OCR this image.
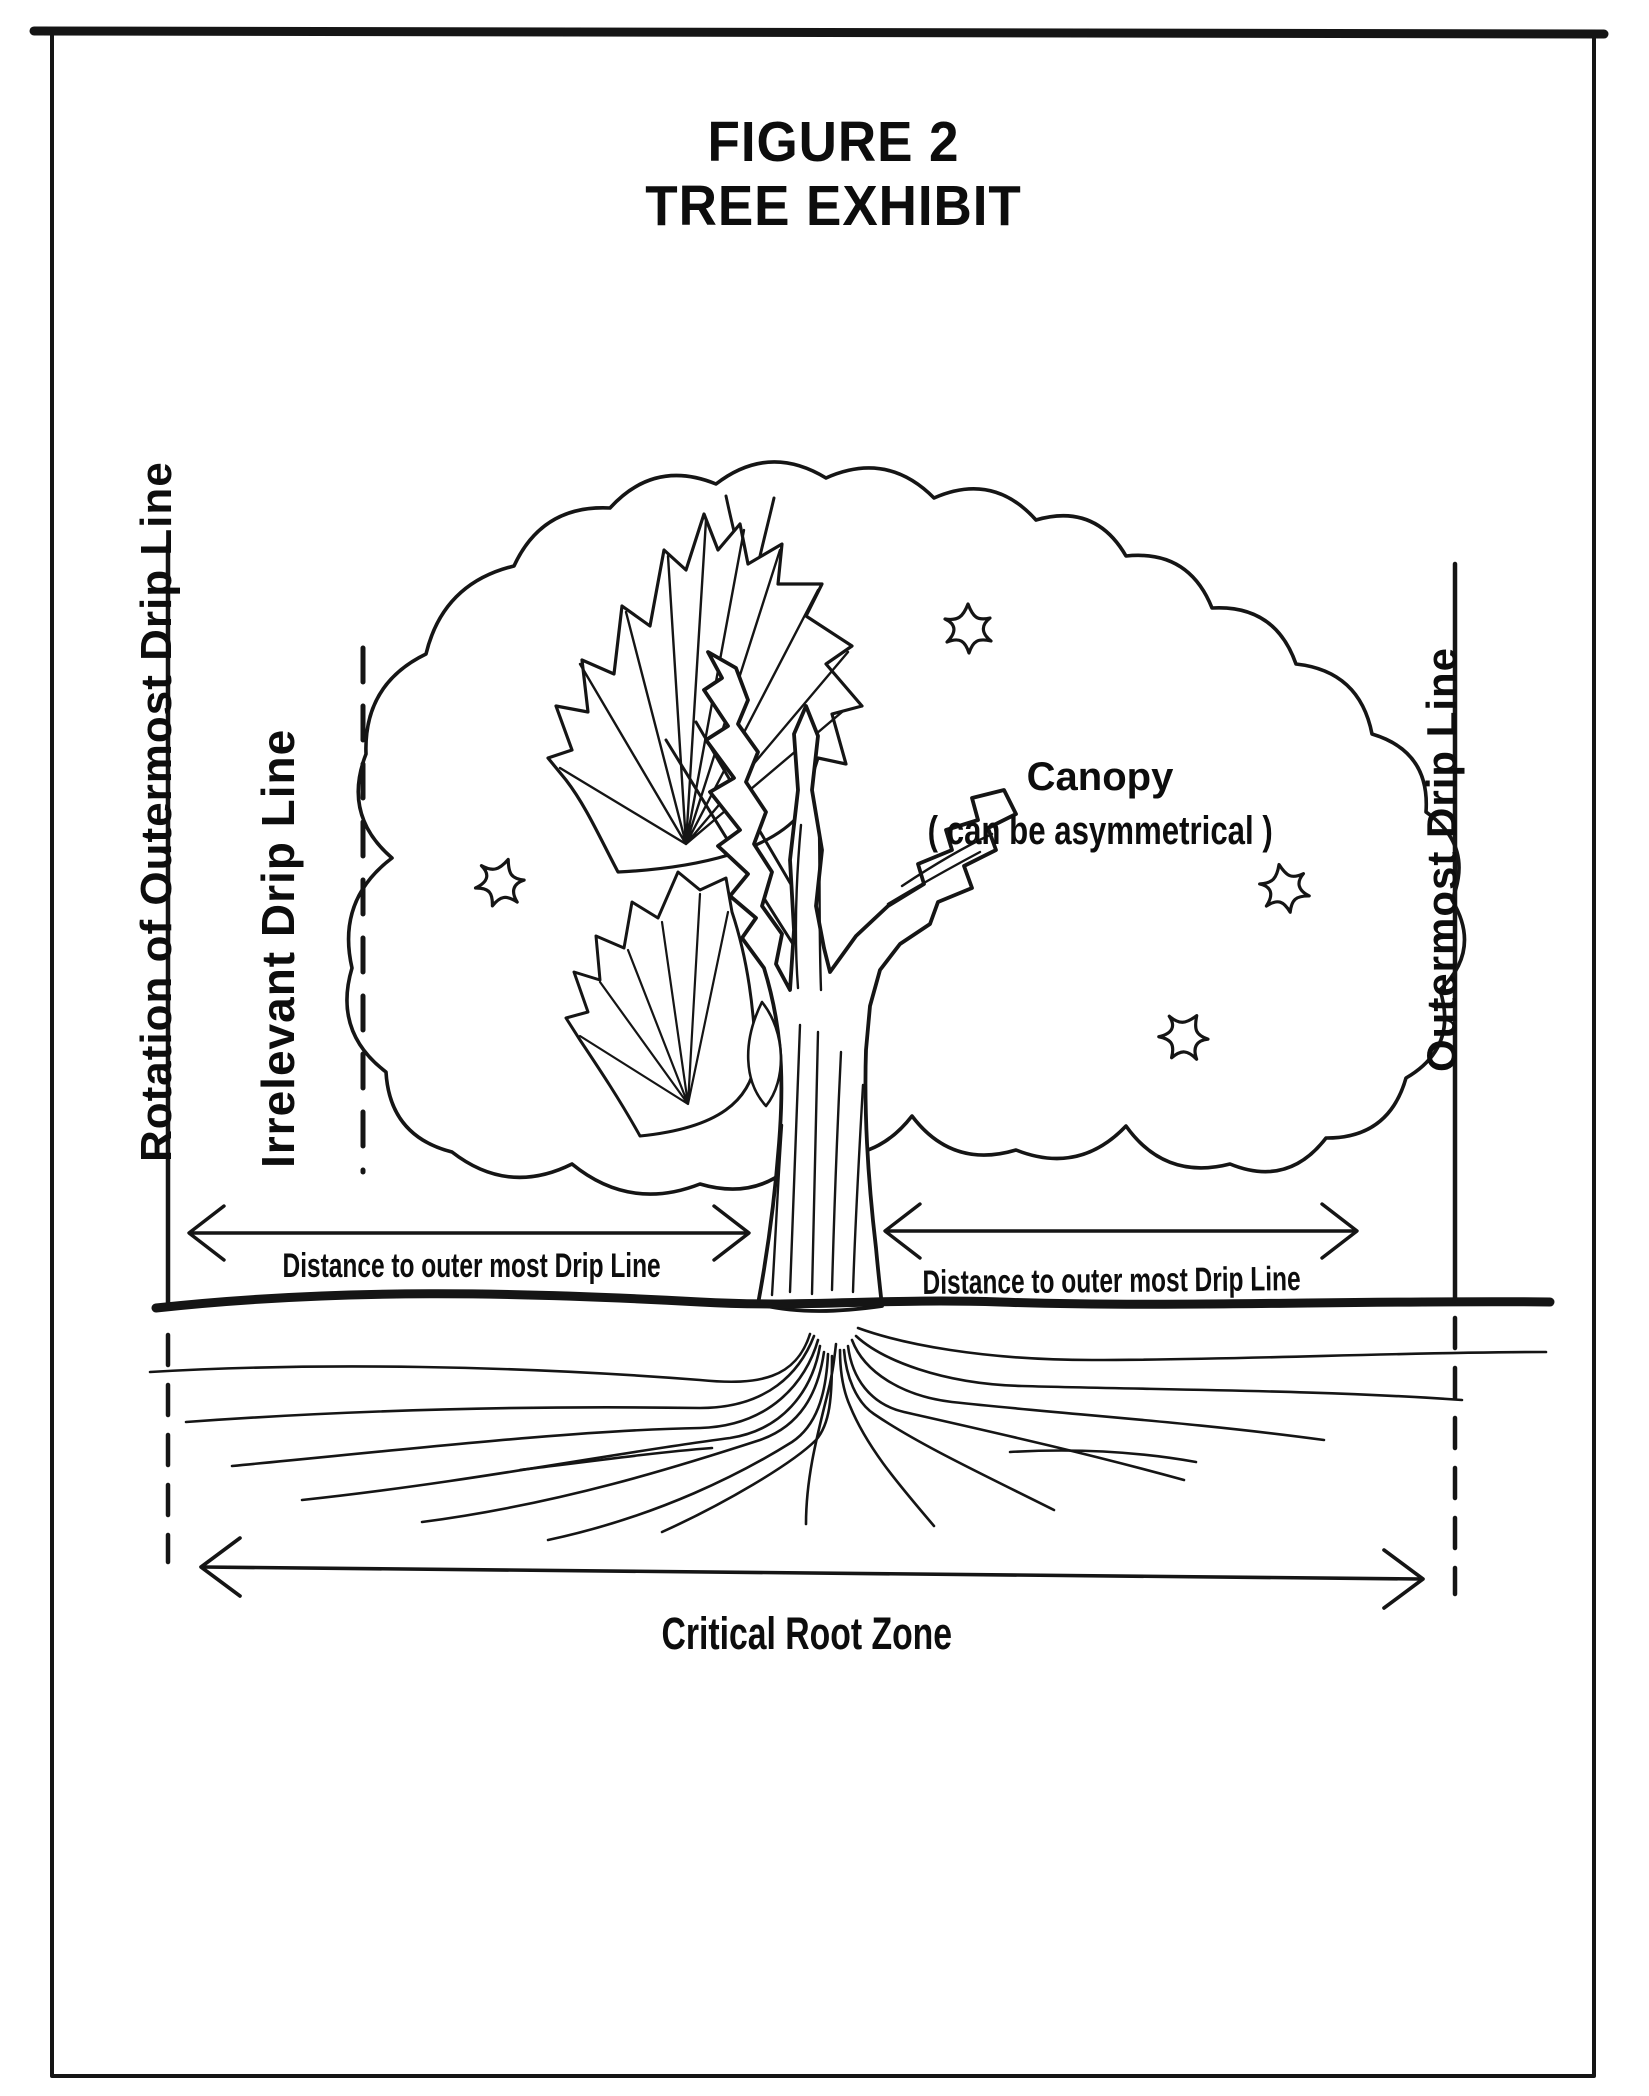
FIGURE 2
TREE EXHIBIT
Rotation of Outermost Drip Line Irrelevant Drip Line	Outermost Drip Line
Canopy
( can be asymmetrical )
Distance to outer most Drip Line	Distance to outer most Drip Line
Critical Root Zone
